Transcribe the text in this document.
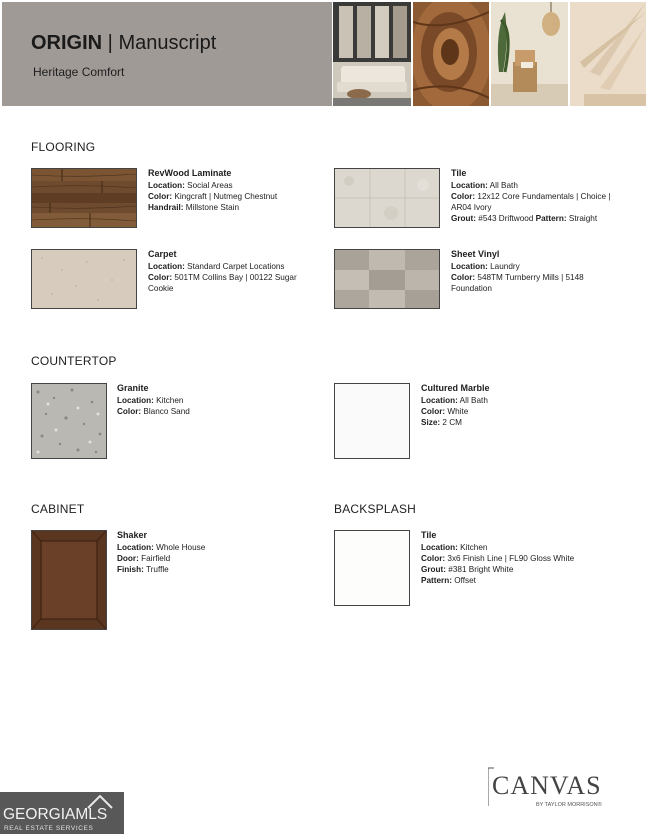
ORIGIN | Manuscript
Heritage Comfort
FLOORING
RevWood Laminate
Location: Social Areas
Color: Kingcraft | Nutmeg Chestnut
Handrail: Millstone Stain
Tile
Location: All Bath
Color: 12x12 Core Fundamentals | Choice | AR04 Ivory
Grout: #543 Driftwood Pattern: Straight
Carpet
Location: Standard Carpet Locations
Color: 501TM Collins Bay | 00122 Sugar Cookie
Sheet Vinyl
Location: Laundry
Color: 548TM Turnberry Mills | 5148 Foundation
COUNTERTOP
Granite
Location: Kitchen
Color: Blanco Sand
Cultured Marble
Location: All Bath
Color: White
Size: 2 CM
CABINET
Shaker
Location: Whole House
Door: Fairfield
Finish: Truffle
BACKSPLASH
Tile
Location: Kitchen
Color: 3x6 Finish Line | FL90 Gloss White
Grout: #381 Bright White
Pattern: Offset
CANVAS
BY TAYLOR MORRISON®
GEORGIAMLS
REAL ESTATE SERVICES
